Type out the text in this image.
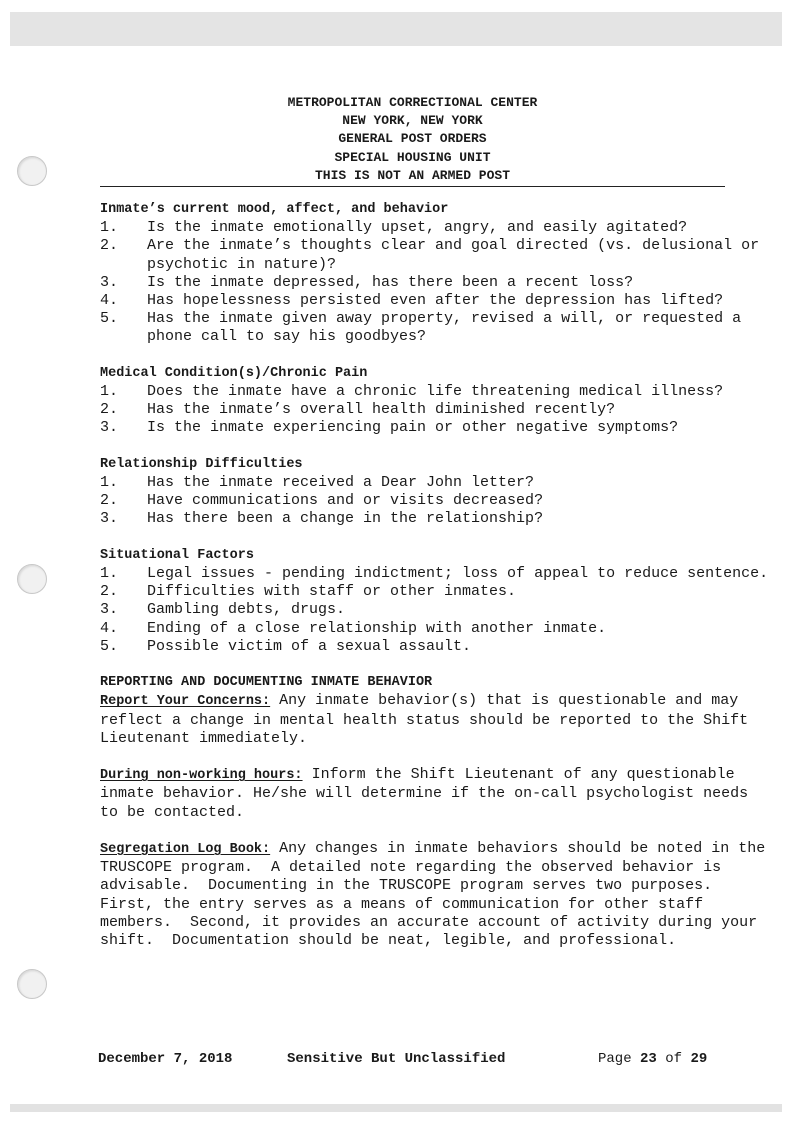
METROPOLITAN CORRECTIONAL CENTER
NEW YORK, NEW YORK
GENERAL POST ORDERS
SPECIAL HOUSING UNIT
THIS IS NOT AN ARMED POST
Inmate’s current mood, affect, and behavior
1.	Is the inmate emotionally upset, angry, and easily agitated?
2.	Are the inmate’s thoughts clear and goal directed (vs. delusional or psychotic in nature)?
3.	Is the inmate depressed, has there been a recent loss?
4.	Has hopelessness persisted even after the depression has lifted?
5.	Has the inmate given away property, revised a will, or requested a phone call to say his goodbyes?
Medical Condition(s)/Chronic Pain
1.	Does the inmate have a chronic life threatening medical illness?
2.	Has the inmate’s overall health diminished recently?
3.	Is the inmate experiencing pain or other negative symptoms?
Relationship Difficulties
1.	Has the inmate received a Dear John letter?
2.	Have communications and or visits decreased?
3.	Has there been a change in the relationship?
Situational Factors
1.	Legal issues - pending indictment; loss of appeal to reduce sentence.
2.	Difficulties with staff or other inmates.
3.	Gambling debts, drugs.
4.	Ending of a close relationship with another inmate.
5.	Possible victim of a sexual assault.
REPORTING AND DOCUMENTING INMATE BEHAVIOR
Report Your Concerns: Any inmate behavior(s) that is questionable and may reflect a change in mental health status should be reported to the Shift Lieutenant immediately.
During non-working hours: Inform the Shift Lieutenant of any questionable inmate behavior. He/she will determine if the on-call psychologist needs to be contacted.
Segregation Log Book: Any changes in inmate behaviors should be noted in the TRUSCOPE program.  A detailed note regarding the observed behavior is advisable.  Documenting in the TRUSCOPE program serves two purposes.  First, the entry serves as a means of communication for other staff members.  Second, it provides an accurate account of activity during your shift.  Documentation should be neat, legible, and professional.
December 7, 2018	Sensitive But Unclassified	Page 23 of 29
